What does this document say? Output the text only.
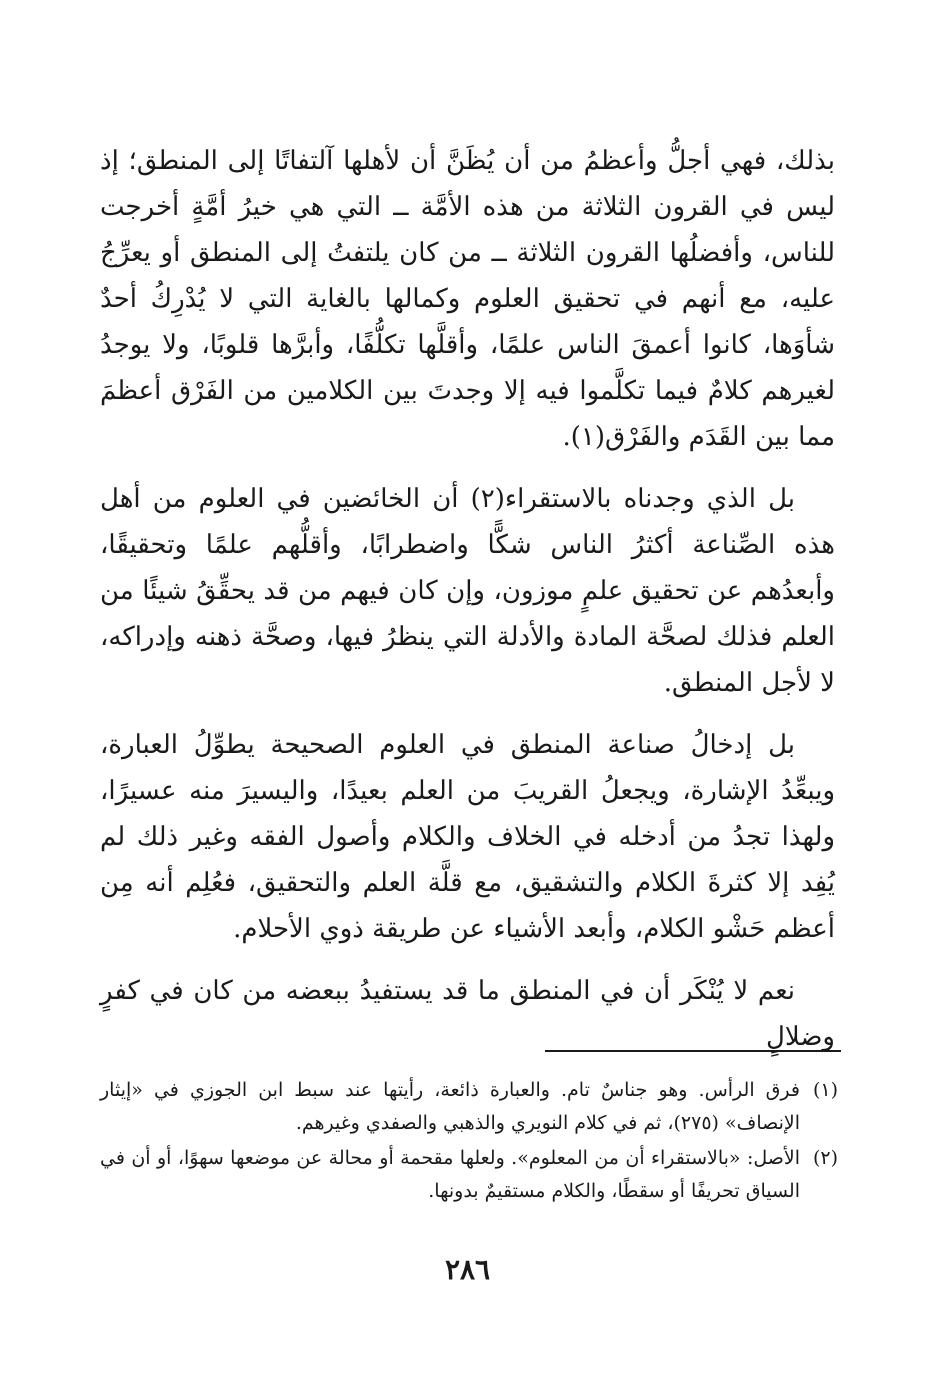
بذلك، فهي أجلُّ وأعظمُ من أن يُظَنَّ أن لأهلها آلتفاتًا إلى المنطق؛ إذ ليس في القرون الثلاثة من هذه الأمَّة ــ التي هي خيرُ أمَّةٍ أخرجت للناس، وأفضلُها القرون الثلاثة ــ من كان يلتفتُ إلى المنطق أو يعرِّجُ عليه، مع أنهم في تحقيق العلوم وكمالها بالغاية التي لا يُدْرِكُ أحدٌ شأوَها، كانوا أعمقَ الناس علمًا، وأقلَّها تكلُّفًا، وأبرَّها قلوبًا، ولا يوجدُ لغيرهم كلامٌ فيما تكلَّموا فيه إلا وجدتَ بين الكلامين من الفَرْق أعظمَ مما بين القَدَم والفَرْق(١).

بل الذي وجدناه بالاستقراء(٢) أن الخائضين في العلوم من أهل هذه الصِّناعة أكثرُ الناس شكًّا واضطرابًا، وأقلُّهم علمًا وتحقيقًا، وأبعدُهم عن تحقيق علمٍ موزون، وإن كان فيهم من قد يحقِّقُ شيئًا من العلم فذلك لصحَّة المادة والأدلة التي ينظرُ فيها، وصحَّة ذهنه وإدراكه، لا لأجل المنطق.

بل إدخالُ صناعة المنطق في العلوم الصحيحة يطوِّلُ العبارة، ويبعِّدُ الإشارة، ويجعلُ القريبَ من العلم بعيدًا، واليسيرَ منه عسيرًا، ولهذا تجدُ من أدخله في الخلاف والكلام وأصول الفقه وغير ذلك لم يُفِد إلا كثرةَ الكلام والتشقيق، مع قلَّة العلم والتحقيق، فعُلِم أنه مِن أعظم حَشْو الكلام، وأبعد الأشياء عن طريقة ذوي الأحلام.

نعم لا يُنْكَر أن في المنطق ما قد يستفيدُ ببعضه من كان في كفرٍ وضلالٍ

(١)
فرق الرأس. وهو جناسٌ تام. والعبارة ذائعة، رأيتها عند سبط ابن الجوزي في «إيثار الإنصاف» (٢٧٥)، ثم في كلام النويري والذهبي والصفدي وغيرهم.
(٢)
الأصل: «بالاستقراء أن من المعلوم». ولعلها مقحمة أو محالة عن موضعها سهوًا، أو أن في السياق تحريفًا أو سقطًا، والكلام مستقيمٌ بدونها.
٢٨٦
